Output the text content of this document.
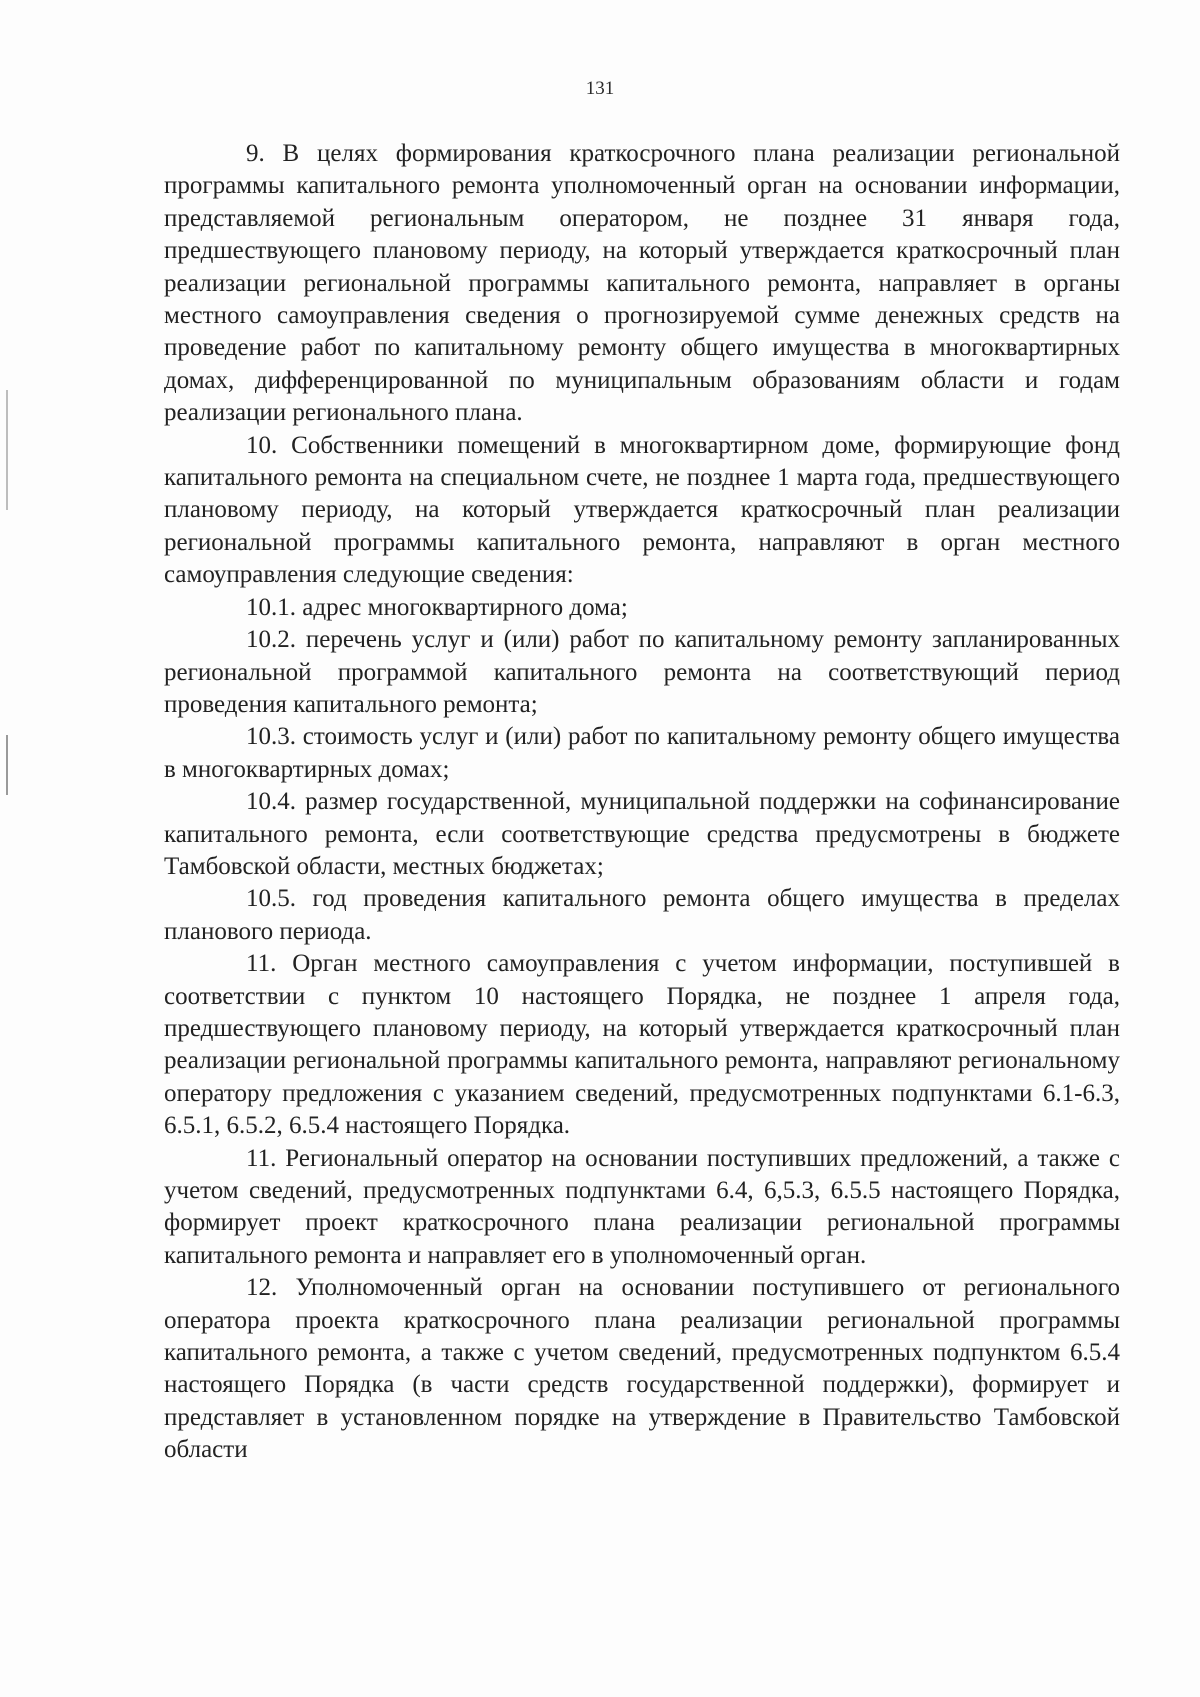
131

9. В целях формирования краткосрочного плана реализации региональной программы капитального ремонта уполномоченный орган на основании информации, представляемой региональным оператором, не позднее 31 января года, предшествующего плановому периоду, на который утверждается краткосрочный план реализации региональной программы капитального ремонта, направляет в органы местного самоуправления сведения о прогнозируемой сумме денежных средств на проведение работ по капитальному ремонту общего имущества в многоквартирных домах, дифференцированной по муниципальным образованиям области и годам реализации регионального плана.

10. Собственники помещений в многоквартирном доме, формирующие фонд капитального ремонта на специальном счете, не позднее 1 марта года, предшествующего плановому периоду, на который утверждается краткосрочный план реализации региональной программы капитального ремонта, направляют в орган местного самоуправления следующие сведения:

10.1. адрес многоквартирного дома;

10.2. перечень услуг и (или) работ по капитальному ремонту запланированных региональной программой капитального ремонта на соответствующий период проведения капитального ремонта;

10.3. стоимость услуг и (или) работ по капитальному ремонту общего имущества в многоквартирных домах;

10.4. размер государственной, муниципальной поддержки на софинансирование капитального ремонта, если соответствующие средства предусмотрены в бюджете Тамбовской области, местных бюджетах;

10.5. год проведения капитального ремонта общего имущества в пределах планового периода.

11. Орган местного самоуправления с учетом информации, поступившей в соответствии с пунктом 10 настоящего Порядка, не позднее 1 апреля года, предшествующего плановому периоду, на который утверждается краткосрочный план реализации региональной программы капитального ремонта, направляют региональному оператору предложения с указанием сведений, предусмотренных подпунктами 6.1-6.3, 6.5.1, 6.5.2, 6.5.4 настоящего Порядка.

11. Региональный оператор на основании поступивших предложений, а также с учетом сведений, предусмотренных подпунктами 6.4, 6,5.3, 6.5.5 настоящего Порядка, формирует проект краткосрочного плана реализации региональной программы капитального ремонта и направляет его в уполномоченный орган.

12. Уполномоченный орган на основании поступившего от регионального оператора проекта краткосрочного плана реализации региональной программы капитального ремонта, а также с учетом сведений, предусмотренных подпунктом 6.5.4 настоящего Порядка (в части средств государственной поддержки), формирует и представляет в установленном порядке на утверждение в Правительство Тамбовской области
